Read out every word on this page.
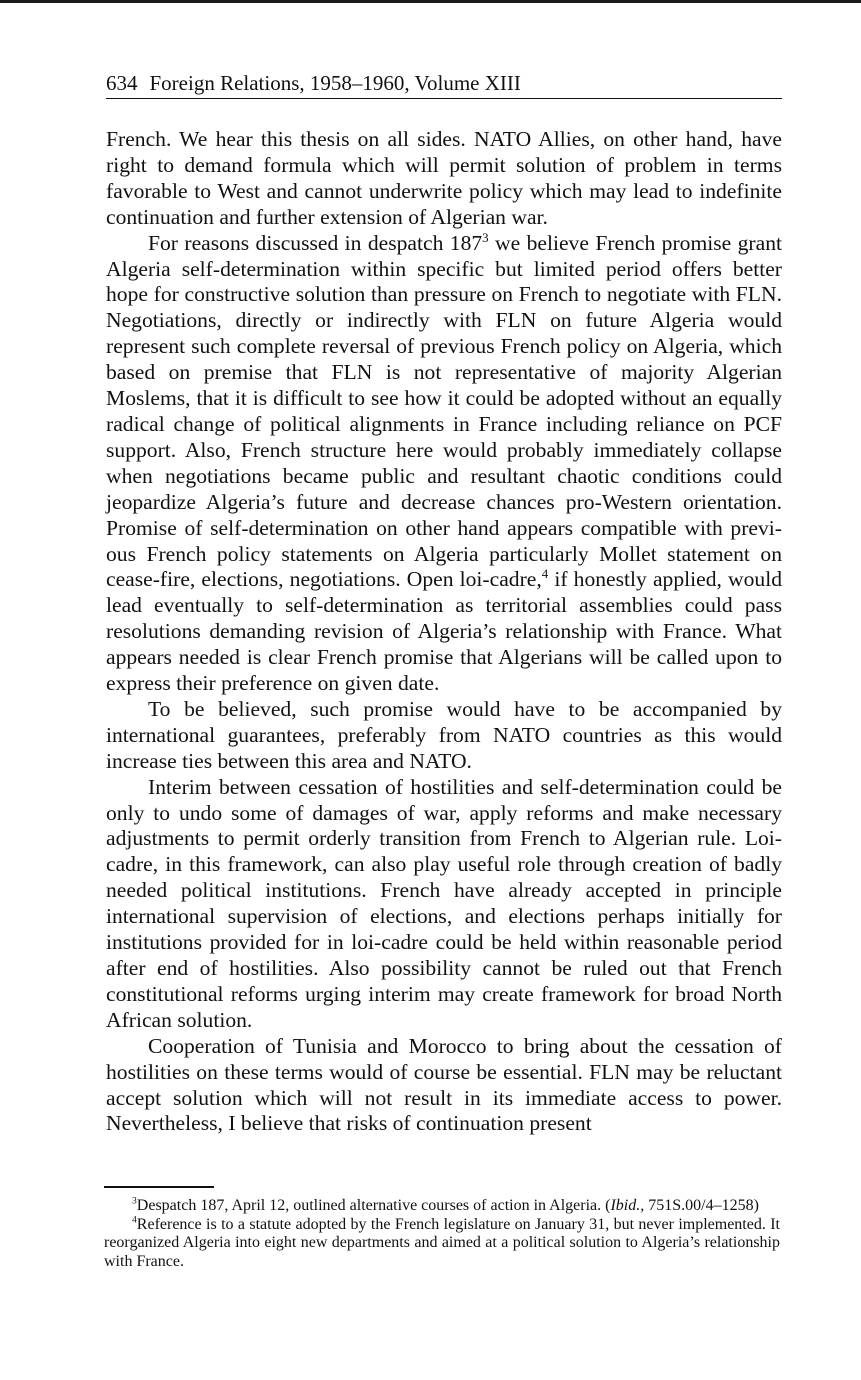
634 Foreign Relations, 1958–1960, Volume XIII

French. We hear this thesis on all sides. NATO Allies, on other hand, have right to demand formula which will permit solution of problem in terms favorable to West and cannot underwrite policy which may lead to indefinite continuation and further extension of Algerian war.

For reasons discussed in despatch $187^3$ we believe French promise grant Algeria self-determination within specific but limited period offers better hope for constructive solution than pressure on French to negotiate with FLN. Negotiations, directly or indirectly with FLN on future Algeria would represent such complete reversal of previous French policy on Algeria, which based on premise that FLN is not representative of majority Algerian Moslems, that it is difficult to see how it could be adopted without an equally radical change of political alignments in France including reliance on PCF support. Also, French structure here would probably immediately collapse when negotiations became public and resultant chaotic conditions could jeopardize Algeria’s future and decrease chances pro-Western orientation. Promise of self-determination on other hand appears compatible with previous French policy statements on Algeria particularly Mollet statement on cease-fire, elections, negotiations. Open loi-cadre,$^4$ if honestly applied, would lead eventually to self-determination as territorial assemblies could pass resolutions demanding revision of Algeria’s relationship with France. What appears needed is clear French promise that Algerians will be called upon to express their preference on given date.

To be believed, such promise would have to be accompanied by international guarantees, preferably from NATO countries as this would increase ties between this area and NATO.

Interim between cessation of hostilities and self-determination could be only to undo some of damages of war, apply reforms and make necessary adjustments to permit orderly transition from French to Algerian rule. Loi-cadre, in this framework, can also play useful role through creation of badly needed political institutions. French have already accepted in principle international supervision of elections, and elections perhaps initially for institutions provided for in loi-cadre could be held within reasonable period after end of hostilities. Also possibility cannot be ruled out that French constitutional reforms urging interim may create framework for broad North African solution.

Cooperation of Tunisia and Morocco to bring about the cessation of hostilities on these terms would of course be essential. FLN may be reluctant accept solution which will not result in its immediate access to power. Nevertheless, I believe that risks of continuation present

$^3$Despatch 187, April 12, outlined alternative courses of action in Algeria. (Ibid., 751S.00/4–1258)

$^4$Reference is to a statute adopted by the French legislature on January 31, but never implemented. It reorganized Algeria into eight new departments and aimed at a political solution to Algeria’s relationship with France.
